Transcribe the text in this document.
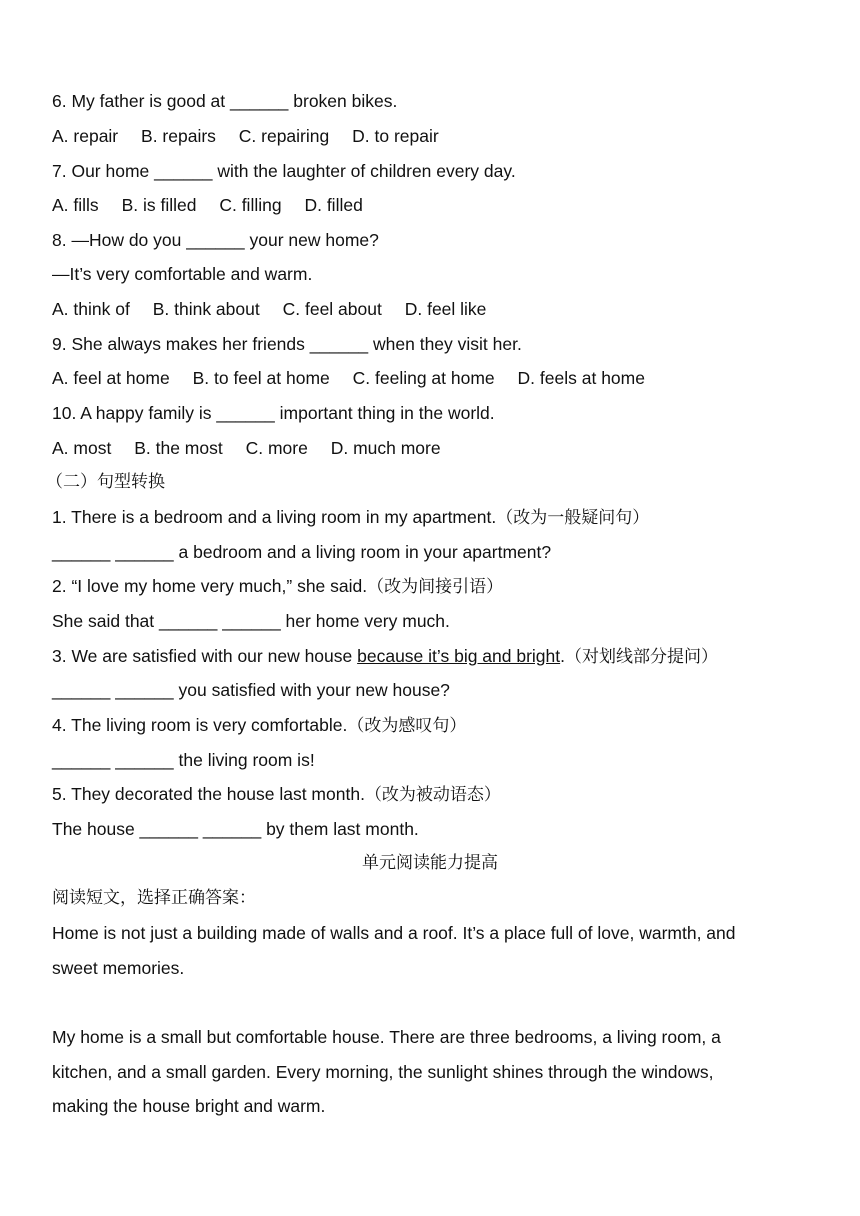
6. My father is good at ______ broken bikes.
A. repair B. repairs C. repairing D. to repair
7. Our home ______ with the laughter of children every day.
A. fills B. is filled C. filling D. filled
8. —How do you ______ your new home?
—It’s very comfortable and warm.
A. think of B. think about C. feel about D. feel like
9. She always makes her friends ______ when they visit her.
A. feel at home B. to feel at home C. feeling at home D. feels at home
10. A happy family is ______ important thing in the world.
A. most B. the most C. more D. much more
（二）句型转换
1. There is a bedroom and a living room in my apartment.（改为一般疑问句）
______ ______ a bedroom and a living room in your apartment?
2. “I love my home very much,” she said.（改为间接引语）
She said that ______ ______ her home very much.
3. We are satisfied with our new house because it’s big and bright.（对划线部分提问）
______ ______ you satisfied with your new house?
4. The living room is very comfortable.（改为感叹句）
______ ______ the living room is!
5. They decorated the house last month.（改为被动语态）
The house ______ ______ by them last month.
单元阅读能力提高
阅读短文，选择正确答案：
Home is not just a building made of walls and a roof. It’s a place full of love, warmth, and
sweet memories.
My home is a small but comfortable house. There are three bedrooms, a living room, a
kitchen, and a small garden. Every morning, the sunlight shines through the windows,
making the house bright and warm.
